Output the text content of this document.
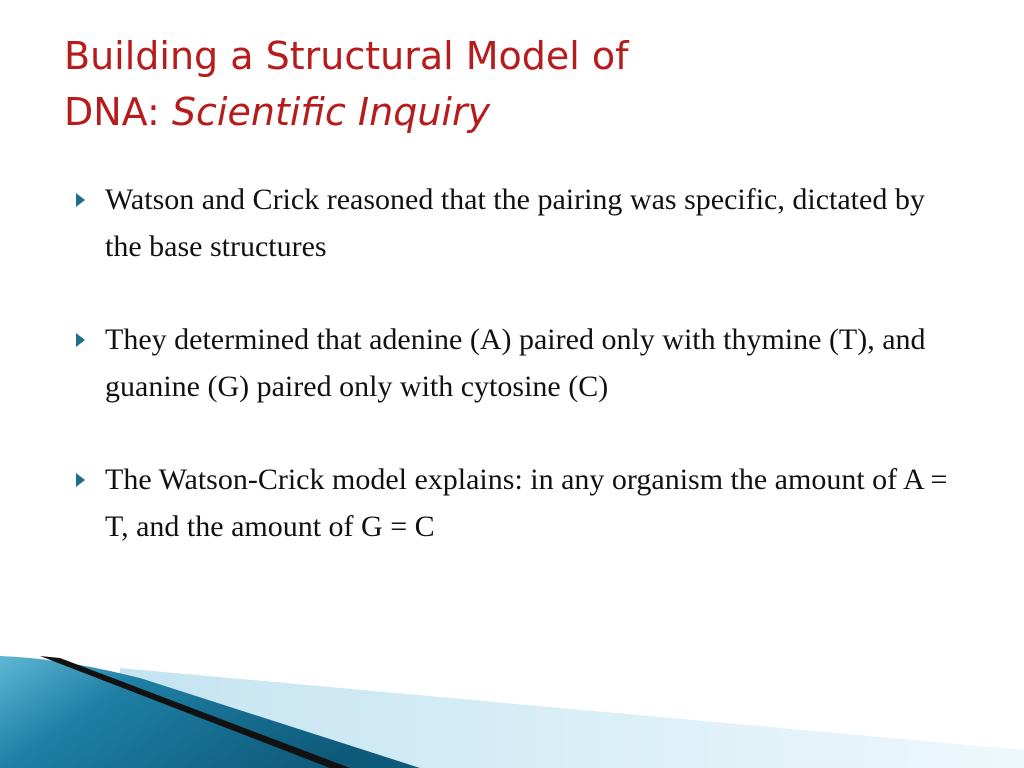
Building a Structural Model of
DNA: Scientific Inquiry
Watson and Crick reasoned that the pairing was specific, dictated by the base structures
They determined that adenine (A) paired only with thymine (T), and guanine (G) paired only with cytosine (C)
The Watson-Crick model explains: in any organism the amount of A = T, and the amount of G = C
